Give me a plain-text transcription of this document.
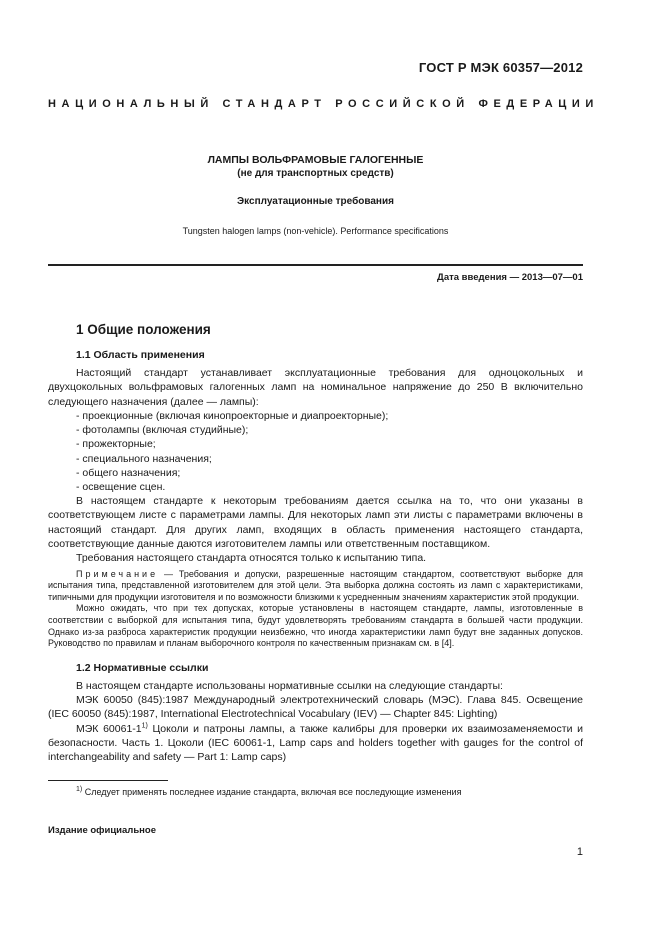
ГОСТ Р МЭК 60357—2012
НАЦИОНАЛЬНЫЙ СТАНДАРТ РОССИЙСКОЙ ФЕДЕРАЦИИ
ЛАМПЫ ВОЛЬФРАМОВЫЕ ГАЛОГЕННЫЕ
(не для транспортных средств)
Эксплуатационные требования
Tungsten halogen lamps (non-vehicle). Performance specifications
Дата введения — 2013—07—01
1 Общие положения
1.1 Область применения

Настоящий стандарт устанавливает эксплуатационные требования для одноцокольных и двухцокольных вольфрамовых галогенных ламп на номинальное напряжение до 250 В включительно следующего назначения (далее — лампы):

- проекционные (включая кинопроекторные и диапроекторные);
- фотолампы (включая студийные);
- прожекторные;
- специального назначения;
- общего назначения;
- освещение сцен.

В настоящем стандарте к некоторым требованиям дается ссылка на то, что они указаны в соответствующем листе с параметрами лампы. Для некоторых ламп эти листы с параметрами включены в настоящий стандарт. Для других ламп, входящих в область применения настоящего стандарта, соответствующие данные даются изготовителем лампы или ответственным поставщиком.

Требования настоящего стандарта относятся только к испытанию типа.

Примечание — Требования и допуски, разрешенные настоящим стандартом, соответствуют выборке для испытания типа, представленной изготовителем для этой цели. Эта выборка должна состоять из ламп с характеристиками, типичными для продукции изготовителя и по возможности близкими к усредненным значениям характеристик этой продукции.
Можно ожидать, что при тех допусках, которые установлены в настоящем стандарте, лампы, изготовленные в соответствии с выборкой для испытания типа, будут удовлетворять требованиям стандарта в большей части продукции. Однако из-за разброса характеристик продукции неизбежно, что иногда характеристики ламп будут вне заданных допусков. Руководство по правилам и планам выборочного контроля по качественным признакам см. в [4].
1.2 Нормативные ссылки

В настоящем стандарте использованы нормативные ссылки на следующие стандарты:

МЭК 60050 (845):1987 Международный электротехнический словарь (МЭС). Глава 845. Освещение (IEC 60050 (845):1987, International Electrotechnical Vocabulary (IEV) — Chapter 845: Lighting)

МЭК 60061-1$^{1)}$ Цоколи и патроны лампы, а также калибры для проверки их взаимозаменяемости и безопасности. Часть 1. Цоколи (IEC 60061-1, Lamp caps and holders together with gauges for the control of interchangeability and safety — Part 1: Lamp caps)

$^{1)}$ Следует применять последнее издание стандарта, включая все последующие изменения
Издание официальное
1
